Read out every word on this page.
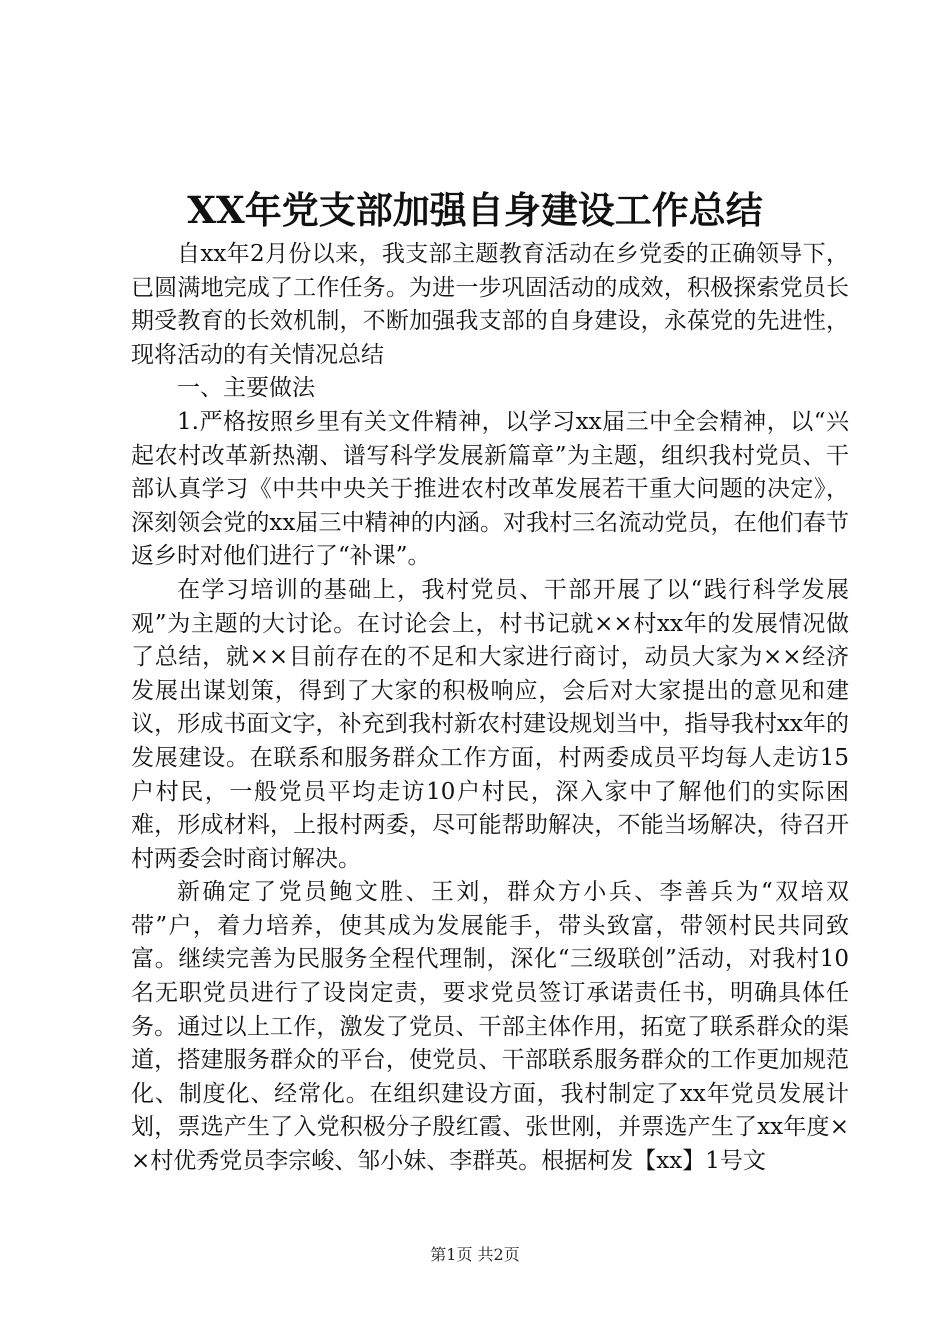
XX年党支部加强自身建设工作总结

自xx年2月份以来，我支部主题教育活动在乡党委的正确领导下，已圆满地完成了工作任务。为进一步巩固活动的成效，积极探索党员长期受教育的长效机制，不断加强我支部的自身建设，永葆党的先进性，现将活动的有关情况总结

一、主要做法

1.严格按照乡里有关文件精神，以学习xx届三中全会精神，以“兴起农村改革新热潮、谱写科学发展新篇章”为主题，组织我村党员、干部认真学习《中共中央关于推进农村改革发展若干重大问题的决定》，深刻领会党的xx届三中精神的内涵。对我村三名流动党员，在他们春节返乡时对他们进行了“补课”。

在学习培训的基础上，我村党员、干部开展了以“践行科学发展观”为主题的大讨论。在讨论会上，村书记就××村xx年的发展情况做了总结，就××目前存在的不足和大家进行商讨，动员大家为××经济发展出谋划策，得到了大家的积极响应，会后对大家提出的意见和建议，形成书面文字，补充到我村新农村建设规划当中，指导我村xx年的发展建设。在联系和服务群众工作方面，村两委成员平均每人走访15户村民，一般党员平均走访10户村民，深入家中了解他们的实际困难，形成材料，上报村两委，尽可能帮助解决，不能当场解决，待召开村两委会时商讨解决。

新确定了党员鲍文胜、王刘，群众方小兵、李善兵为“双培双带”户，着力培养，使其成为发展能手，带头致富，带领村民共同致富。继续完善为民服务全程代理制，深化“三级联创”活动，对我村10名无职党员进行了设岗定责，要求党员签订承诺责任书，明确具体任务。通过以上工作，激发了党员、干部主体作用，拓宽了联系群众的渠道，搭建服务群众的平台，使党员、干部联系服务群众的工作更加规范化、制度化、经常化。在组织建设方面，我村制定了xx年党员发展计划，票选产生了入党积极分子殷红霞、张世刚，并票选产生了xx年度××村优秀党员李宗峻、邹小妹、李群英。根据柯发【xx】1号文

第1页 共2页
